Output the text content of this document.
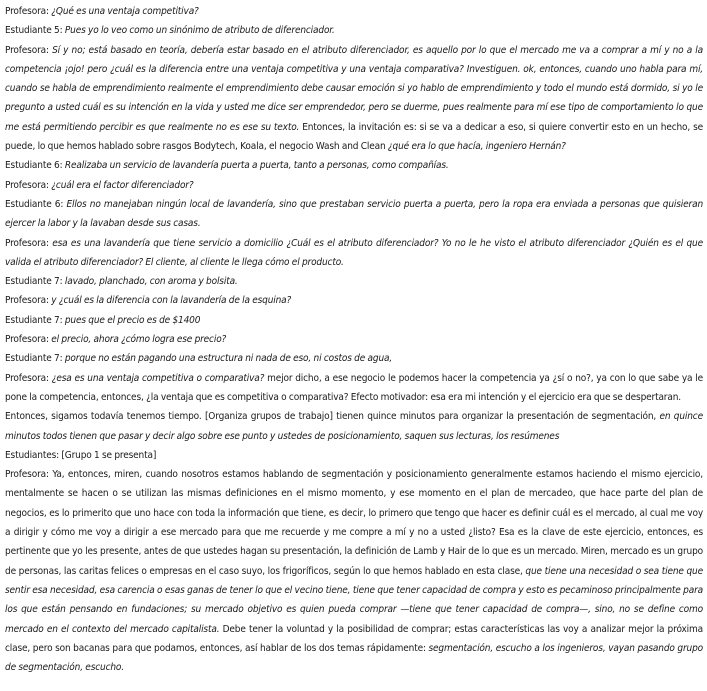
Profesora: ¿Qué es una ventaja competitiva?

Estudiante 5: Pues yo lo veo como un sinónimo de atributo de diferenciador.

Profesora: Sí y no; está basado en teoría, debería estar basado en el atributo diferenciador, es aquello por lo que el mercado me va a comprar a mí y no a la competencia ¡ojo! pero ¿cuál es la diferencia entre una ventaja competitiva y una ventaja comparativa? Investiguen. ok, entonces, cuando uno habla para mí, cuando se habla de emprendimiento realmente el emprendimiento debe causar emoción si yo hablo de emprendimiento y todo el mundo está dormido, si yo le pregunto a usted cuál es su intención en la vida y usted me dice ser emprendedor, pero se duerme, pues realmente para mí ese tipo de comportamiento lo que me está permitiendo percibir es que realmente no es ese su texto. Entonces, la invitación es: si se va a dedicar a eso, si quiere convertir esto en un hecho, se puede, lo que hemos hablado sobre rasgos Bodytech, Koala, el negocio Wash and Clean ¿qué era lo que hacía, ingeniero Hernán?

Estudiante 6: Realizaba un servicio de lavandería puerta a puerta, tanto a personas, como compañías.

Profesora: ¿cuál era el factor diferenciador?

Estudiante 6: Ellos no manejaban ningún local de lavandería, sino que prestaban servicio puerta a puerta, pero la ropa era enviada a personas que quisieran ejercer la labor y la lavaban desde sus casas.

Profesora: esa es una lavandería que tiene servicio a domicilio ¿Cuál es el atributo diferenciador? Yo no le he visto el atributo diferenciador ¿Quién es el que valida el atributo diferenciador? El cliente, al cliente le llega cómo el producto.

Estudiante 7: lavado, planchado, con aroma y bolsita.

Profesora: y ¿cuál es la diferencia con la lavandería de la esquina?

Estudiante 7: pues que el precio es de $1400

Profesora: el precio, ahora ¿cómo logra ese precio?

Estudiante 7: porque no están pagando una estructura ni nada de eso, ni costos de agua,

Profesora: ¿esa es una ventaja competitiva o comparativa? mejor dicho, a ese negocio le podemos hacer la competencia ya ¿sí o no?, ya con lo que sabe ya le pone la competencia, entonces, ¿la ventaja que es competitiva o comparativa? Efecto motivador: esa era mi intención y el ejercicio era que se despertaran.

Entonces, sigamos todavía tenemos tiempo. [Organiza grupos de trabajo] tienen quince minutos para organizar la presentación de segmentación, en quince minutos todos tienen que pasar y decir algo sobre ese punto y ustedes de posicionamiento, saquen sus lecturas, los resúmenes

Estudiantes: [Grupo 1 se presenta]

Profesora: Ya, entonces, miren, cuando nosotros estamos hablando de segmentación y posicionamiento generalmente estamos haciendo el mismo ejercicio, mentalmente se hacen o se utilizan las mismas definiciones en el mismo momento, y ese momento en el plan de mercadeo, que hace parte del plan de negocios, es lo primerito que uno hace con toda la información que tiene, es decir, lo primero que tengo que hacer es definir cuál es el mercado, al cual me voy a dirigir y cómo me voy a dirigir a ese mercado para que me recuerde y me compre a mí y no a usted ¿listo? Esa es la clave de este ejercicio, entonces, es pertinente que yo les presente, antes de que ustedes hagan su presentación, la definición de Lamb y Hair de lo que es un mercado. Miren, mercado es un grupo de personas, las caritas felices o empresas en el caso suyo, los frigoríficos, según lo que hemos hablado en esta clase, que tiene una necesidad o sea tiene que sentir esa necesidad, esa carencia o esas ganas de tener lo que el vecino tiene, tiene que tener capacidad de compra y esto es pecaminoso principalmente para los que están pensando en fundaciones; su mercado objetivo es quien pueda comprar —tiene que tener capacidad de compra—, sino, no se define como mercado en el contexto del mercado capitalista. Debe tener la voluntad y la posibilidad de comprar; estas características las voy a analizar mejor la próxima clase, pero son bacanas para que podamos, entonces, así hablar de los dos temas rápidamente: segmentación, escucho a los ingenieros, vayan pasando grupo de segmentación, escucho.
